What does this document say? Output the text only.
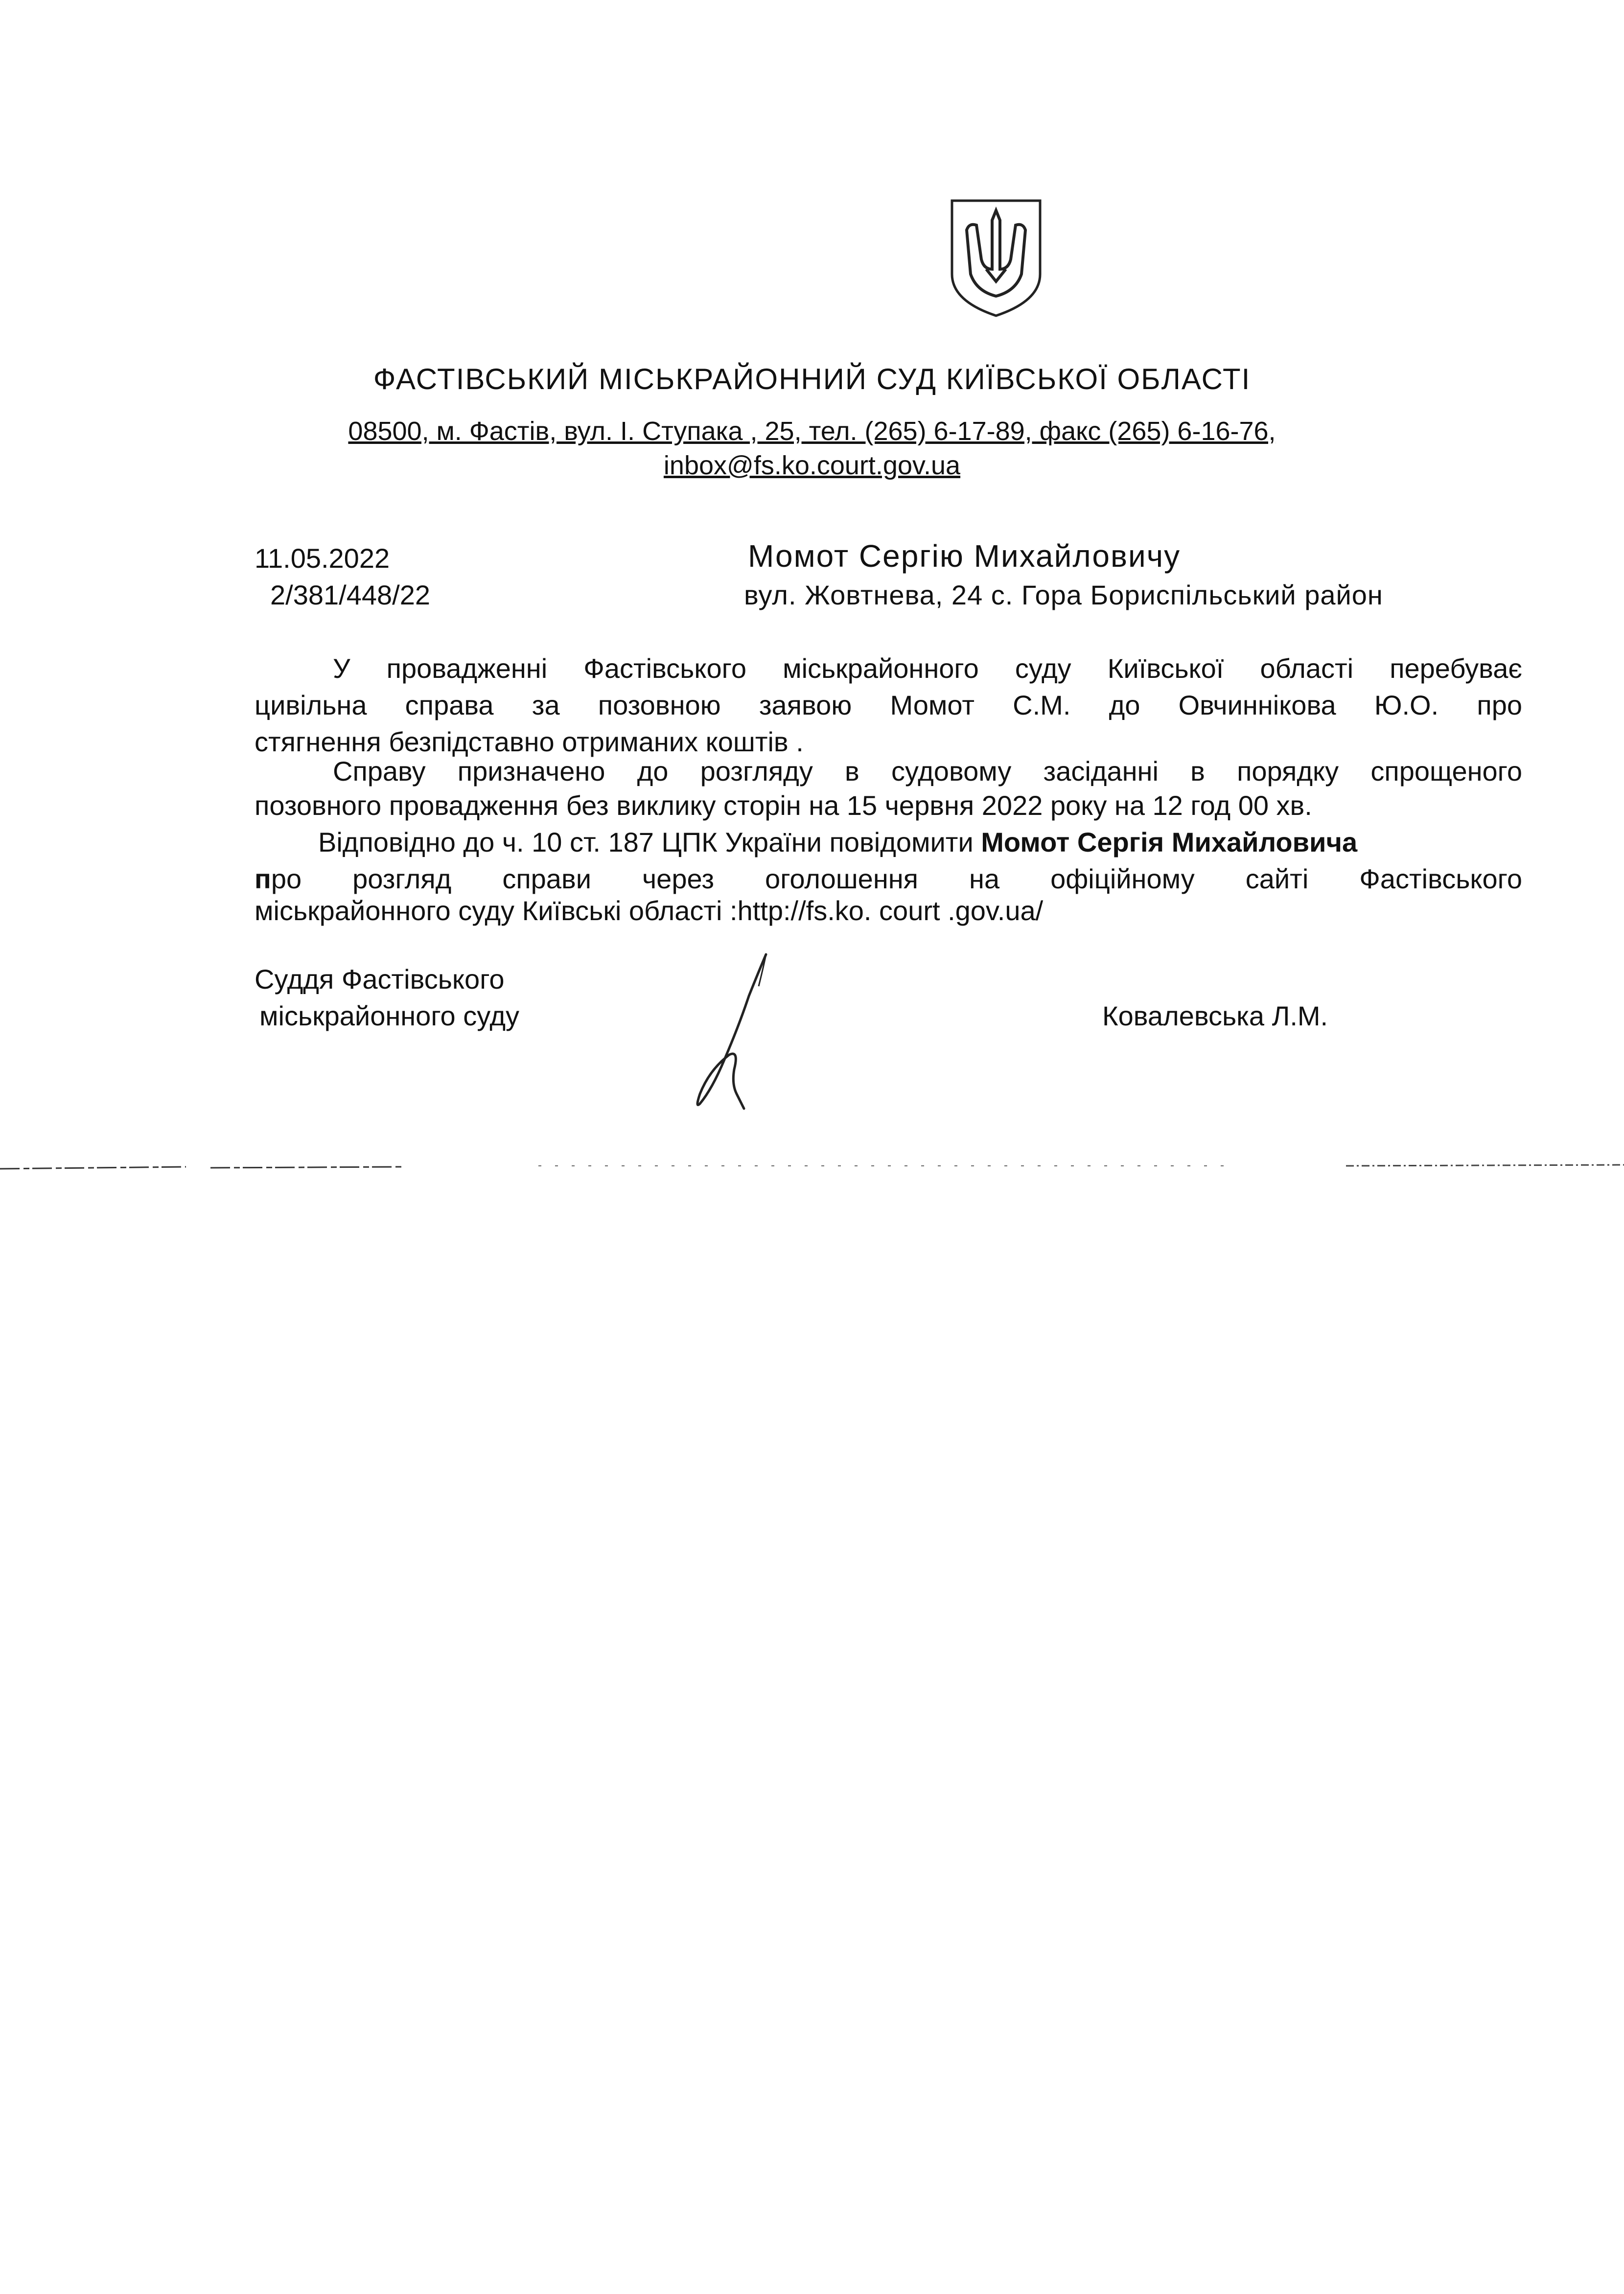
ФАСТІВСЬКИЙ МІСЬКРАЙОННИЙ СУД КИЇВСЬКОЇ ОБЛАСТІ
08500, м. Фастів, вул. І. Ступака , 25, тел. (265) 6-17-89, факс (265) 6-16-76,
inbox@fs.ko.court.gov.ua
11.05.2022
2/381/448/22
Момот Сергію Михайловичу
вул. Жовтнева, 24 с. Гора Бориспільський район
У провадженні Фастівського міськрайонного суду Київської області перебуває
цивільна справа за позовною заявою Момот С.М. до Овчиннікова Ю.О. про
стягнення безпідставно отриманих коштів .
Справу призначено до розгляду в судовому засіданні в порядку спрощеного
позовного провадження без виклику сторін на 15 червня 2022 року на 12 год 00 хв.
Відповідно до ч. 10 ст. 187 ЦПК України повідомити Момот Сергія Михайловича
про розгляд справи через оголошення на офіційному сайті Фастівського
міськрайонного суду Київські області :http://fs.ko. court .gov.ua/
Суддя Фастівського
міськрайонного суду	Ковалевська Л.М.
